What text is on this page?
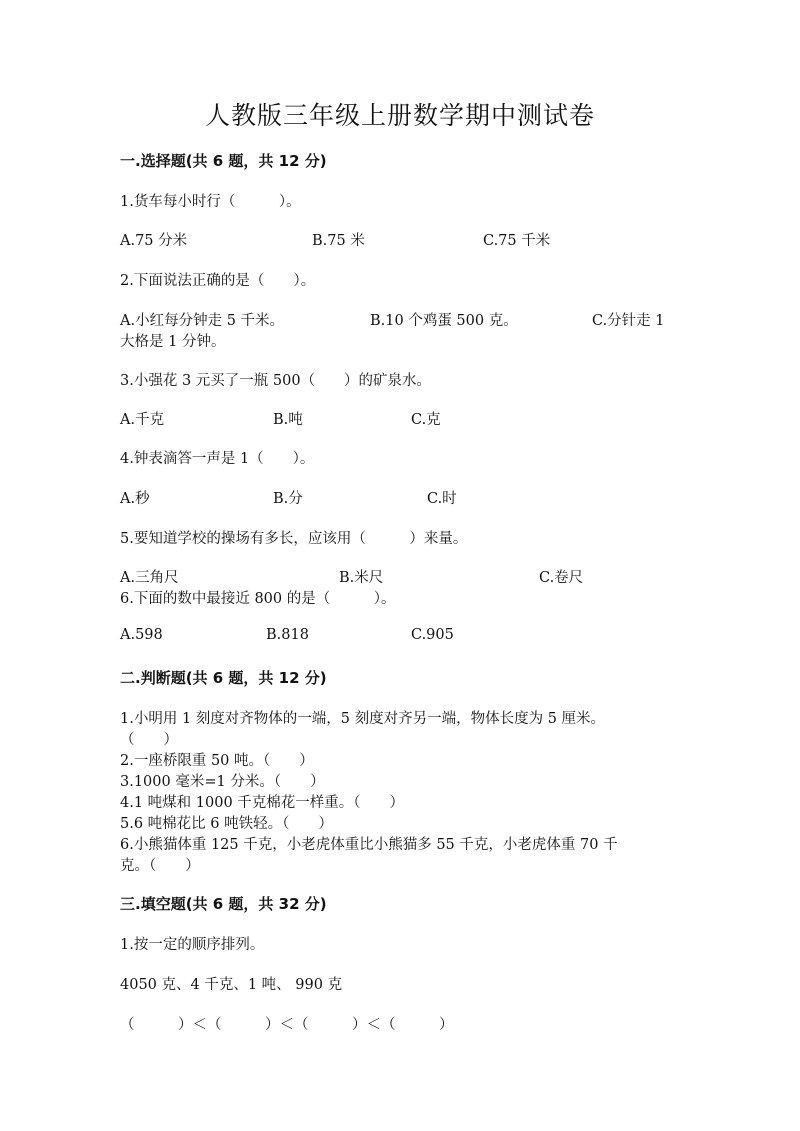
人教版三年级上册数学期中测试卷
一.选择题(共 6 题，共 12 分)
1.货车每小时行（　　　）。
A.75 分米	B.75 米	C.75 千米
2.下面说法正确的是（　　）。
A.小红每分钟走 5 千米。	B.10 个鸡蛋 500 克。	C.分针走 1
大格是 1 分钟。
3.小强花 3 元买了一瓶 500（　　）的矿泉水。
A.千克	B.吨	C.克
4.钟表滴答一声是 1（　　）。
A.秒	B.分	C.时
5.要知道学校的操场有多长，应该用（　　　）来量。
A.三角尺	B.米尺	C.卷尺
6.下面的数中最接近 800 的是（　　　）。
A.598	B.818	C.905
二.判断题(共 6 题，共 12 分)
1.小明用 1 刻度对齐物体的一端，5 刻度对齐另一端，物体长度为 5 厘米。
（　　）
2.一座桥限重 50 吨。（　　）
3.1000 毫米=1 分米。（　　）
4.1 吨煤和 1000 千克棉花一样重。（　　）
5.6 吨棉花比 6 吨铁轻。（　　）
6.小熊猫体重 125 千克，小老虎体重比小熊猫多 55 千克，小老虎体重 70 千
克。（　　）
三.填空题(共 6 题，共 32 分)
1.按一定的顺序排列。
4050 克、4 千克、1 吨、 990 克
（　　　）＜（　　　）＜（　　　）＜（　　　）
